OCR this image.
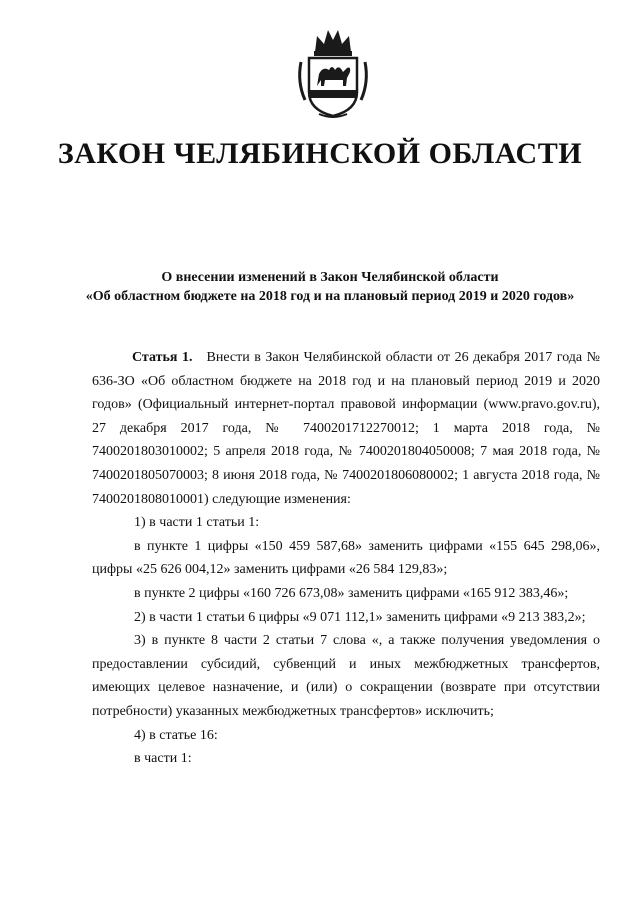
ЗАКОН ЧЕЛЯБИНСКОЙ ОБЛАСТИ
О внесении изменений в Закон Челябинской области
«Об областном бюджете на 2018 год и на плановый период 2019 и 2020 годов»

Статья 1. Внести в Закон Челябинской области от 26 декабря 2017 года № 636-ЗО «Об областном бюджете на 2018 год и на плановый период 2019 и 2020 годов» (Официальный интернет-портал правовой информации (www.pravo.gov.ru), 27 декабря 2017 года, № 7400201712270012; 1 марта 2018 года, № 7400201803010002; 5 апреля 2018 года, № 7400201804050008; 7 мая 2018 года, № 7400201805070003; 8 июня 2018 года, № 7400201806080002; 1 августа 2018 года, № 7400201808010001) следующие изменения:

1) в части 1 статьи 1:

в пункте 1 цифры «150 459 587,68» заменить цифрами «155 645 298,06», цифры «25 626 004,12» заменить цифрами «26 584 129,83»;

в пункте 2 цифры «160 726 673,08» заменить цифрами «165 912 383,46»;

2) в части 1 статьи 6 цифры «9 071 112,1» заменить цифрами «9 213 383,2»;

3) в пункте 8 части 2 статьи 7 слова «, а также получения уведомления о предоставлении субсидий, субвенций и иных межбюджетных трансфертов, имеющих целевое назначение, и (или) о сокращении (возврате при отсутствии потребности) указанных межбюджетных трансфертов» исключить;

4) в статье 16:

в части 1:
